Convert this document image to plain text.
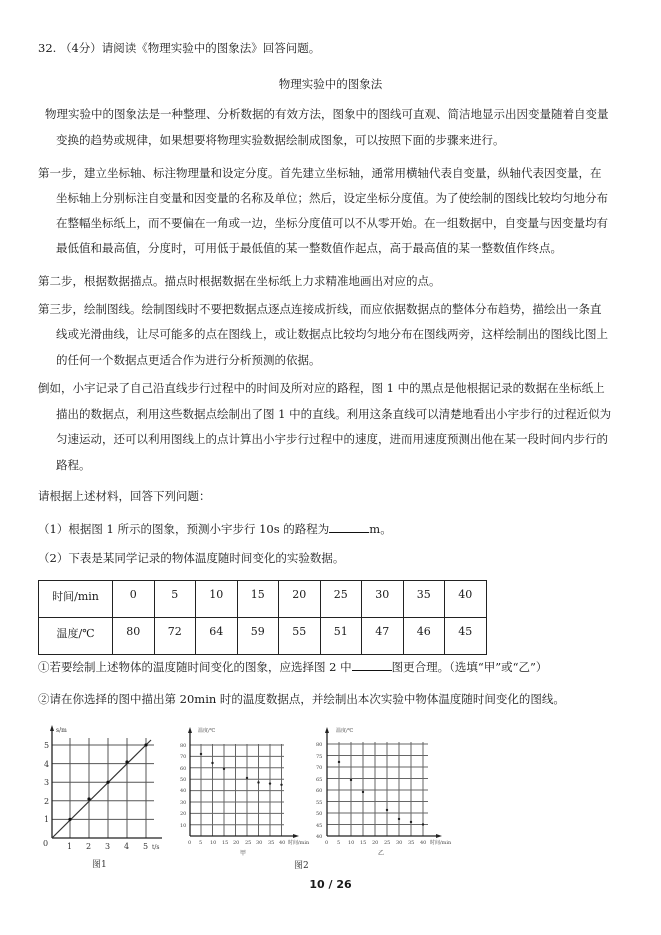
32. （4分）请阅读《物理实验中的图象法》回答问题。
物理实验中的图象法
物理实验中的图象法是一种整理、分析数据的有效方法，图象中的图线可直观、简洁地显示出因变量随着自变量
变换的趋势或规律，如果想要将物理实验数据绘制成图象，可以按照下面的步骤来进行。
第一步，建立坐标轴、标注物理量和设定分度。首先建立坐标轴，通常用横轴代表自变量，纵轴代表因变量，在
坐标轴上分别标注自变量和因变量的名称及单位；然后，设定坐标分度值。为了使绘制的图线比较均匀地分布
在整幅坐标纸上，而不要偏在一角或一边，坐标分度值可以不从零开始。在一组数据中，自变量与因变量均有
最低值和最高值，分度时，可用低于最低值的某一整数值作起点，高于最高值的某一整数值作终点。
第二步，根据数据描点。描点时根据数据在坐标纸上力求精准地画出对应的点。
第三步，绘制图线。绘制图线时不要把数据点逐点连接成折线，而应依据数据点的整体分布趋势，描绘出一条直
线或光滑曲线，让尽可能多的点在图线上，或让数据点比较均匀地分布在图线两旁，这样绘制出的图线比图上
的任何一个数据点更适合作为进行分析预测的依据。
倒如，小宇记录了自己沿直线步行过程中的时间及所对应的路程，图 1 中的黑点是他根据记录的数据在坐标纸上
描出的数据点，利用这些数据点绘制出了图 1 中的直线。利用这条直线可以清楚地看出小宇步行的过程近似为
匀速运动，还可以利用图线上的点计算出小宇步行过程中的速度，进而用速度预测出他在某一段时间内步行的
路程。
请根据上述材料，回答下列问题：
（1）根据图 1 所示的图象，预测小宇步行 10s 的路程为	m。
（2）下表是某同学记录的物体温度随时间变化的实验数据。
时间/min	0	5	10	15	20	25	30	35	40
温度/℃	80	72	64	59	55	51	47	46	45
①若要绘制上述物体的温度随时间变化的图象，应选择图 2 中	图更合理。（选填“甲”或“乙”）
②请在你选择的图中描出第 20min 时的温度数据点，并绘制出本次实验中物体温度随时间变化的图线。
5
4
3
2
1
0 1 2 3 4 5
s/m
t/s
图1
80
70
60
50
40
30
20
10
0 5 10 15 20 25 30 35 40
温度/℃
时间/min
甲
图2
80
75
70
65
60
55
50
45
40
0 5 10 15 20 25 30 35 40
温度/℃
时间/min
乙
10 / 26
